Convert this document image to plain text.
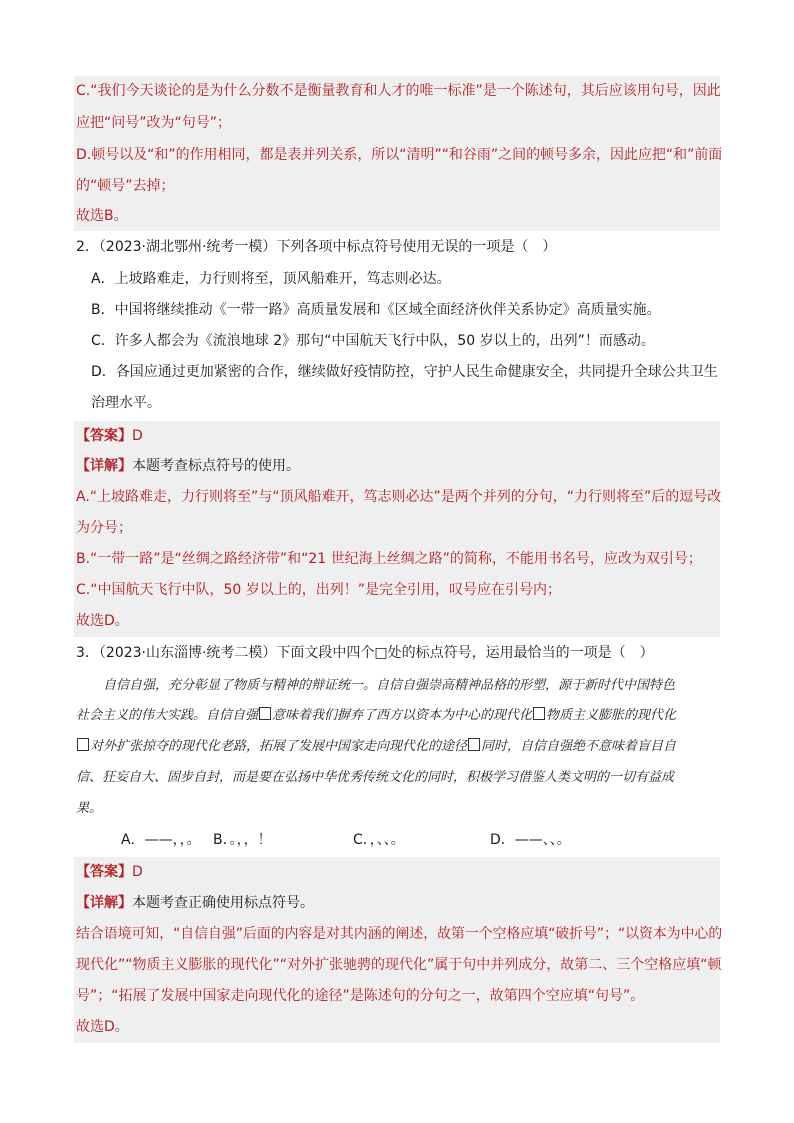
C.“我们今天谈论的是为什么分数不是衡量教育和人才的唯一标准”是一个陈述句，其后应该用句号，因此
应把“问号”改为“句号”；
D.顿号以及“和”的作用相同，都是表并列关系，所以“清明”“和谷雨”之间的顿号多余，因此应把“和”前面
的“顿号”去掉；
故选B。
2．（2023·湖北鄂州·统考一模）下列各项中标点符号使用无误的一项是（　）
A．上坡路难走，力行则将至，顶风船难开，笃志则必达。
B．中国将继续推动《一带一路》高质量发展和《区域全面经济伙伴关系协定》高质量实施。
C．许多人都会为《流浪地球 2》那句“中国航天飞行中队，50 岁以上的，出列”！而感动。
D．各国应通过更加紧密的合作，继续做好疫情防控，守护人民生命健康安全，共同提升全球公共卫生
治理水平。
【答案】D
【详解】本题考查标点符号的使用。
A.“上坡路难走，力行则将至”与“顶风船难开，笃志则必达”是两个并列的分句，“力行则将至”后的逗号改
为分号；
B.“一带一路”是“丝绸之路经济带”和“21 世纪海上丝绸之路”的简称，不能用书名号，应改为双引号；
C.“中国航天飞行中队，50 岁以上的，出列！”是完全引用，叹号应在引号内；
故选D。
3．（2023·山东淄博·统考二模）下面文段中四个□处的标点符号，运用最恰当的一项是（　）
自信自强，充分彰显了物质与精神的辩证统一。自信自强崇高精神品格的形塑，源于新时代中国特色
社会主义的伟大实践。自信自强 意味着我们摒弃了西方以资本为中心的现代化 物质主义膨胀的现代化
对外扩张掠夺的现代化老路，拓展了发展中国家走向现代化的途径 同时，自信自强绝不意味着盲目自
信、狂妄自大、固步自封，而是要在弘扬中华优秀传统文化的同时，积极学习借鉴人类文明的一切有益成
果。
A．——，，。 B．。，，！	C．，、、。	D．——、、。
【答案】D
【详解】本题考查正确使用标点符号。
结合语境可知，“自信自强”后面的内容是对其内涵的阐述，故第一个空格应填“破折号”；“以资本为中心的
现代化”“物质主义膨胀的现代化”“对外扩张驰骋的现代化”属于句中并列成分，故第二、三个空格应填“顿
号”；“拓展了发展中国家走向现代化的途径”是陈述句的分句之一，故第四个空应填“句号”。
故选D。
